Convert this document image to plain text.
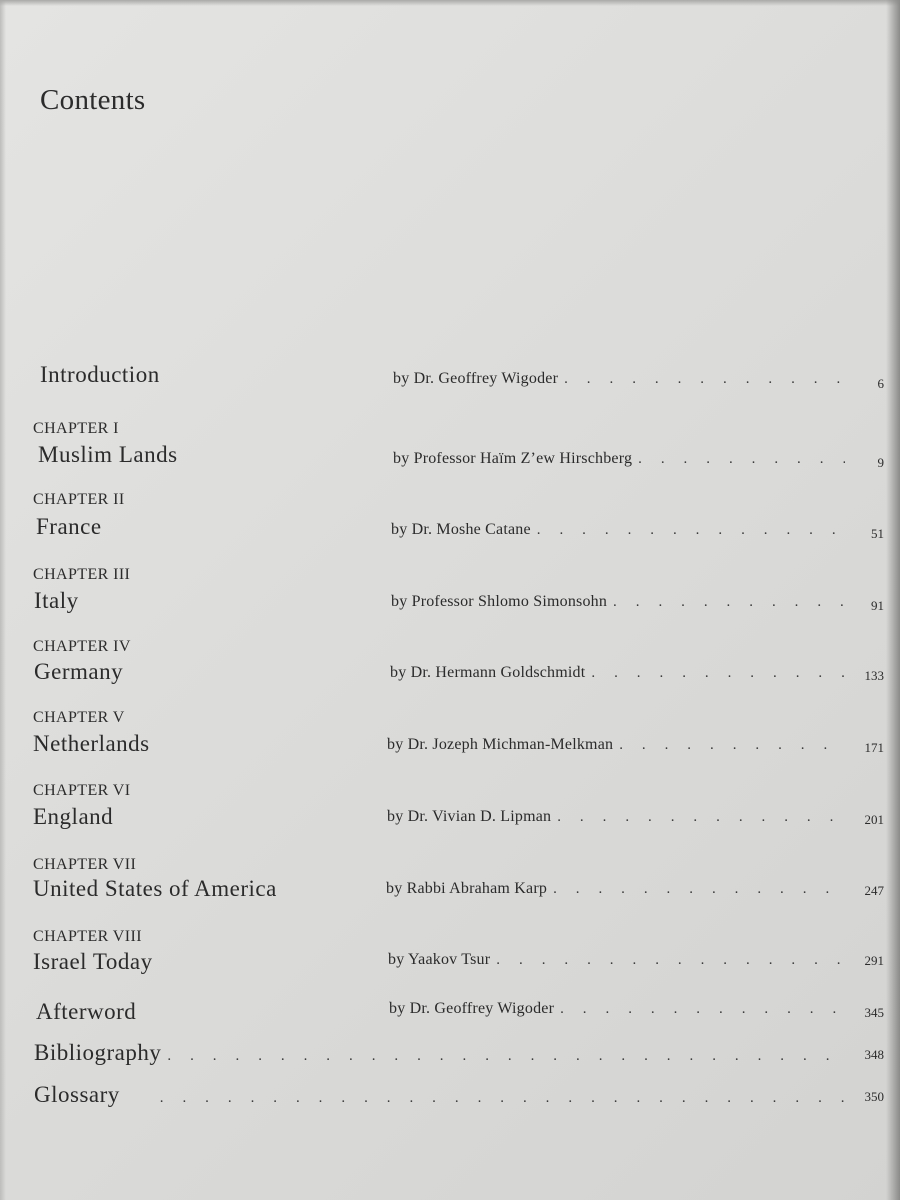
Contents
Introduction	by Dr. Geoffrey Wigoder . . .	6
CHAPTER I
Muslim Lands	by Professor Haïm Z’ew Hirschberg . . .	9
CHAPTER II
France	by Dr. Moshe Catane . . .	51
CHAPTER III
Italy	by Professor Shlomo Simonsohn . . .	91
CHAPTER IV
Germany	by Dr. Hermann Goldschmidt . . .	133
CHAPTER V
Netherlands	by Dr. Jozeph Michman-Melkman . . .	171
CHAPTER VI
England	by Dr. Vivian D. Lipman . . .	201
CHAPTER VII
United States of America	by Rabbi Abraham Karp . . .	247
CHAPTER VIII
Israel Today	by Yaakov Tsur . . .	291
Afterword	by Dr. Geoffrey Wigoder . . .	345
Bibliography . . .	348
Glossary . . .	350
